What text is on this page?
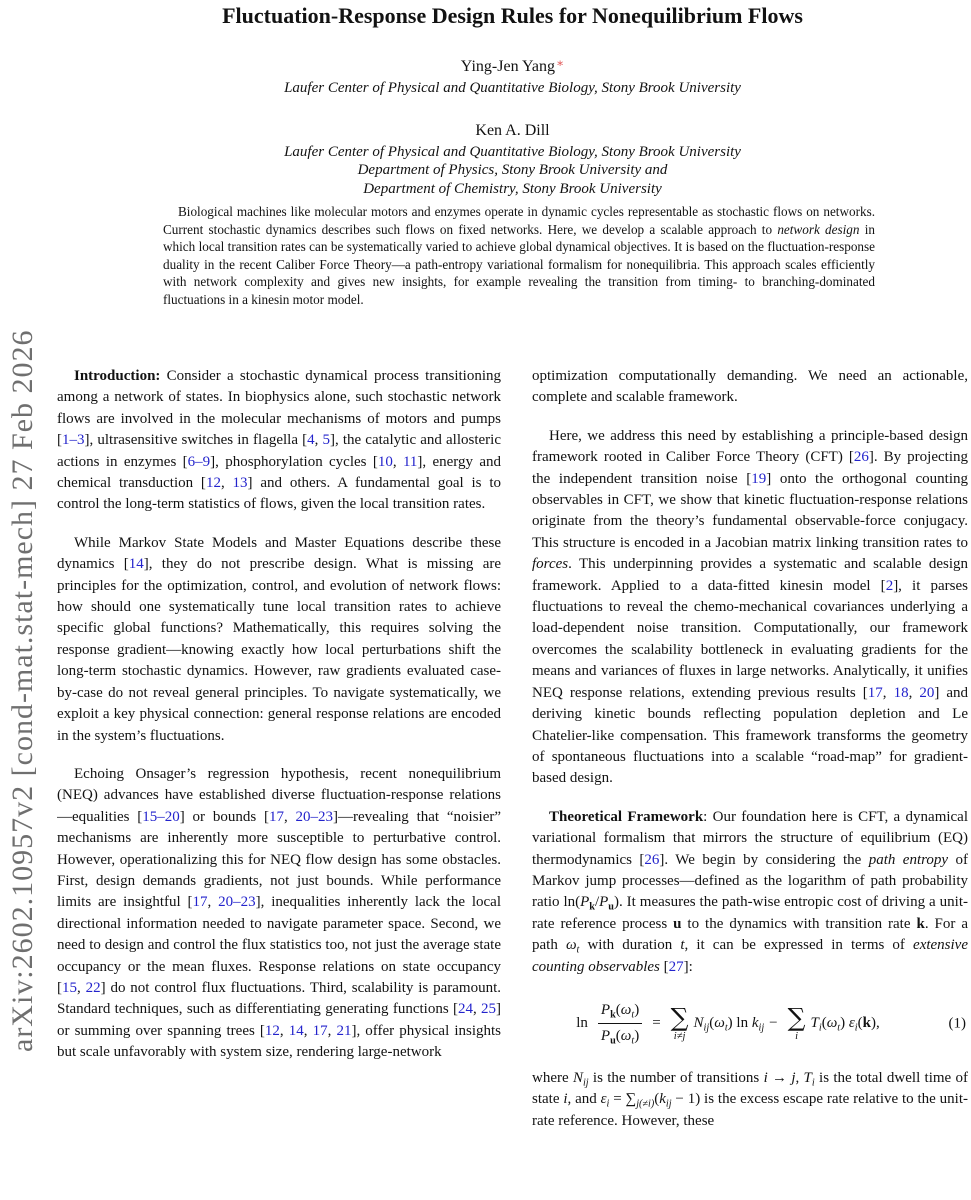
arXiv:2602.10957v2 [cond-mat.stat-mech] 27 Feb 2026
Fluctuation-Response Design Rules for Nonequilibrium Flows
Ying-Jen Yang∗
Laufer Center of Physical and Quantitative Biology, Stony Brook University
Ken A. Dill
Laufer Center of Physical and Quantitative Biology, Stony Brook University
Department of Physics, Stony Brook University and
Department of Chemistry, Stony Brook University
Biological machines like molecular motors and enzymes operate in dynamic cycles representable as stochastic flows on networks. Current stochastic dynamics describes such flows on fixed networks. Here, we develop a scalable approach to network design in which local transition rates can be systematically varied to achieve global dynamical objectives. It is based on the fluctuation-response duality in the recent Caliber Force Theory—a path-entropy variational formalism for nonequilibria. This approach scales efficiently with network complexity and gives new insights, for example revealing the transition from timing- to branching-dominated fluctuations in a kinesin motor model.

Introduction: Consider a stochastic dynamical process transitioning among a network of states. In biophysics alone, such stochastic network flows are involved in the molecular mechanisms of motors and pumps [1–3], ultrasensitive switches in flagella [4, 5], the catalytic and allosteric actions in enzymes [6–9], phosphorylation cycles [10, 11], energy and chemical transduction [12, 13] and others. A fundamental goal is to control the long-term statistics of flows, given the local transition rates.

While Markov State Models and Master Equations describe these dynamics [14], they do not prescribe design. What is missing are principles for the optimization, control, and evolution of network flows: how should one systematically tune local transition rates to achieve specific global functions? Mathematically, this requires solving the response gradient—knowing exactly how local perturbations shift the long-term stochastic dynamics. However, raw gradients evaluated case-by-case do not reveal general principles. To navigate systematically, we exploit a key physical connection: general response relations are encoded in the system’s fluctuations.

Echoing Onsager’s regression hypothesis, recent nonequilibrium (NEQ) advances have established diverse fluctuation-response relations—equalities [15–20] or bounds [17, 20–23]—revealing that “noisier” mechanisms are inherently more susceptible to perturbative control. However, operationalizing this for NEQ flow design has some obstacles. First, design demands gradients, not just bounds. While performance limits are insightful [17, 20–23], inequalities inherently lack the local directional information needed to navigate parameter space. Second, we need to design and control the flux statistics too, not just the average state occupancy or the mean fluxes. Response relations on state occupancy [15, 22] do not control flux fluctuations. Third, scalability is paramount. Standard techniques, such as differentiating generating functions [24, 25] or summing over spanning trees [12, 14, 17, 21], offer physical insights but scale unfavorably with system size, rendering large-network

optimization computationally demanding. We need an actionable, complete and scalable framework.

Here, we address this need by establishing a principle-based design framework rooted in Caliber Force Theory (CFT) [26]. By projecting the independent transition noise [19] onto the orthogonal counting observables in CFT, we show that kinetic fluctuation-response relations originate from the theory’s fundamental observable-force conjugacy. This structure is encoded in a Jacobian matrix linking transition rates to forces. This underpinning provides a systematic and scalable design framework. Applied to a data-fitted kinesin model [2], it parses fluctuations to reveal the chemo-mechanical covariances underlying a load-dependent noise transition. Computationally, our framework overcomes the scalability bottleneck in evaluating gradients for the means and variances of fluxes in large networks. Analytically, it unifies NEQ response relations, extending previous results [17, 18, 20] and deriving kinetic bounds reflecting population depletion and Le Chatelier-like compensation. This framework transforms the geometry of spontaneous fluctuations into a scalable “road-map” for gradient-based design.

Theoretical Framework: Our foundation here is CFT, a dynamical variational formalism that mirrors the structure of equilibrium (EQ) thermodynamics [26]. We begin by considering the path entropy of Markov jump processes—defined as the logarithm of path probability ratio $\ln(P_k/P_u)$. It measures the path-wise entropic cost of driving a unit-rate reference process u to the dynamics with transition rate k. For a path $\omega_t$ with duration t, it can be expressed in terms of extensive counting observables [27]:

$\ln \frac{P_k(\omega_t)}{P_u(\omega_t)}$ = ∑
i≠j
$N_{ij}(\omega_t)$ $\ln k_{ij}$ − ∑
i
$T_i(\omega_t)$ $\varepsilon_i(k)$,	(1)

where $N_{ij}$ is the number of transitions i → j, $T_i$ is the total dwell time of state i, and $\varepsilon_i = \sum_{j(\ne i)}(k_{ij} - 1)$ is the excess escape rate relative to the unit-rate reference. However, these
